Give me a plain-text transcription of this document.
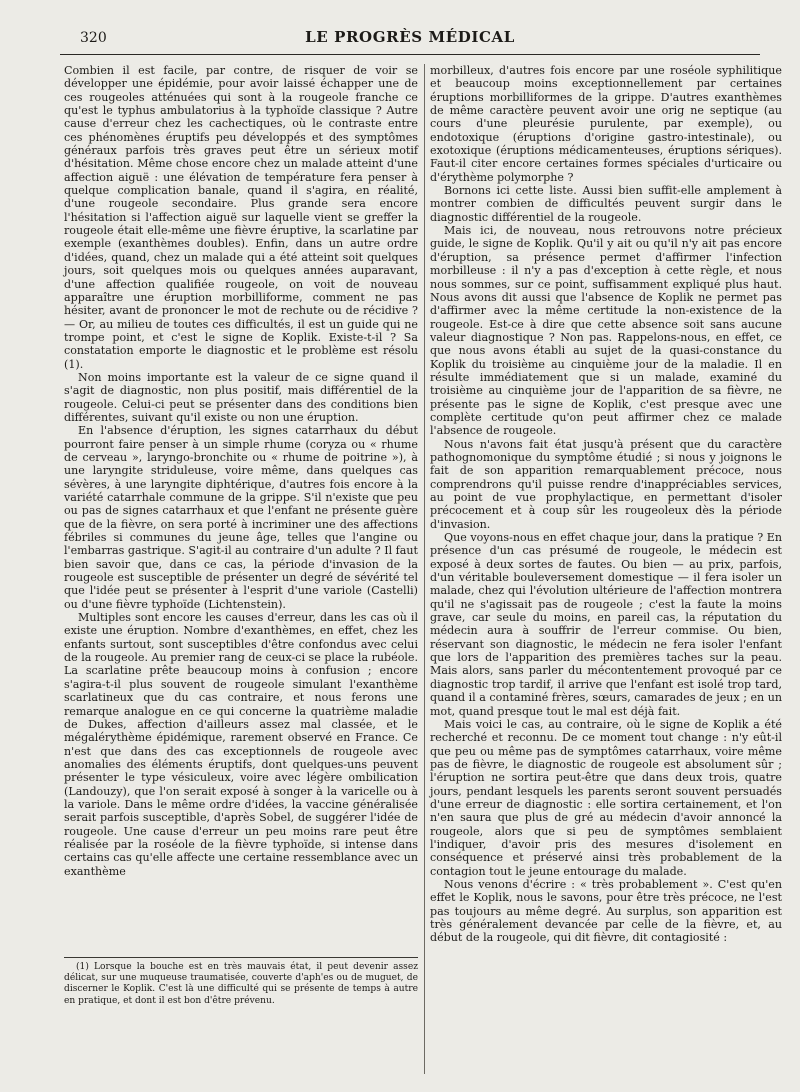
320	LE PROGRÈS MÉDICAL

Combien il est facile, par contre, de risquer de voir se développer une épidémie, pour avoir laissé échapper une de ces rougeoles atténuées qui sont à la rougeole franche ce qu'est le typhus ambulatorius à la typhoïde classique ? Autre cause d'erreur chez les cachectiques, où le contraste entre ces phénomènes éruptifs peu développés et des symptômes généraux parfois très graves peut être un sérieux motif d'hésitation. Même chose encore chez un malade atteint d'une affection aiguë : une élévation de température fera penser à quelque complication banale, quand il s'agira, en réalité, d'une rougeole secondaire. Plus grande sera encore l'hésitation si l'affection aiguë sur laquelle vient se greffer la rougeole était elle-même une fièvre éruptive, la scarlatine par exemple (exanthèmes doubles). Enfin, dans un autre ordre d'idées, quand, chez un malade qui a été atteint soit quelques jours, soit quelques mois ou quelques années auparavant, d'une affection qualifiée rougeole, on voit de nouveau apparaître une éruption morbilliforme, comment ne pas hésiter, avant de prononcer le mot de rechute ou de récidive ? — Or, au milieu de toutes ces difficultés, il est un guide qui ne trompe point, et c'est le signe de Koplik. Existe-t-il ? Sa constatation emporte le diagnostic et le problème est résolu (1).

Non moins importante est la valeur de ce signe quand il s'agit de diagnostic, non plus positif, mais différentiel de la rougeole. Celui-ci peut se présenter dans des conditions bien différentes, suivant qu'il existe ou non une éruption.

En l'absence d'éruption, les signes catarrhaux du début pourront faire penser à un simple rhume (coryza ou « rhume de cerveau », laryngo-bronchite ou « rhume de poitrine »), à une laryngite striduleuse, voire même, dans quelques cas sévères, à une laryngite diphtérique, d'autres fois encore à la variété catarrhale commune de la grippe. S'il n'existe que peu ou pas de signes catarrhaux et que l'enfant ne présente guère que de la fièvre, on sera porté à incriminer une des affections fébriles si communes du jeune âge, telles que l'angine ou l'embarras gastrique. S'agit-il au contraire d'un adulte ? Il faut bien savoir que, dans ce cas, la période d'invasion de la rougeole est susceptible de présenter un degré de sévérité tel que l'idée peut se présenter à l'esprit d'une variole (Castelli) ou d'une fièvre typhoïde (Lichtenstein).

Multiples sont encore les causes d'erreur, dans les cas où il existe une éruption. Nombre d'exanthèmes, en effet, chez les enfants surtout, sont susceptibles d'être confondus avec celui de la rougeole. Au premier rang de ceux-ci se place la rubéole. La scarlatine prête beaucoup moins à confusion ; encore s'agira-t-il plus souvent de rougeole simulant l'exanthème scarlatineux que du cas contraire, et nous ferons une remarque analogue en ce qui concerne la quatrième maladie de Dukes, affection d'ailleurs assez mal classée, et le mégalérythème épidémique, rarement observé en France. Ce n'est que dans des cas exceptionnels de rougeole avec anomalies des éléments éruptifs, dont quelques-uns peuvent présenter le type vésiculeux, voire avec légère ombilication (Landouzy), que l'on serait exposé à songer à la varicelle ou à la variole. Dans le même ordre d'idées, la vaccine généralisée serait parfois susceptible, d'après Sobel, de suggérer l'idée de rougeole. Une cause d'erreur un peu moins rare peut être réalisée par la roséole de la fièvre typhoïde, si intense dans certains cas qu'elle affecte une certaine ressemblance avec un exanthème

morbilleux, d'autres fois encore par une roséole syphilitique et beaucoup moins exceptionnellement par certaines éruptions morbilliformes de la grippe. D'autres exanthèmes de même caractère peuvent avoir une orig ne septique (au cours d'une pleurésie purulente, par exemple), ou endotoxique (éruptions d'origine gastro-intestinale), ou exotoxique (éruptions médicamenteuses, éruptions sériques). Faut-il citer encore certaines formes spéciales d'urticaire ou d'érythème polymorphe ?

Bornons ici cette liste. Aussi bien suffit-elle amplement à montrer combien de difficultés peuvent surgir dans le diagnostic différentiel de la rougeole.

Mais ici, de nouveau, nous retrouvons notre précieux guide, le signe de Koplik. Qu'il y ait ou qu'il n'y ait pas encore d'éruption, sa présence permet d'affirmer l'infection morbilleuse : il n'y a pas d'exception à cette règle, et nous nous sommes, sur ce point, suffisamment expliqué plus haut. Nous avons dit aussi que l'absence de Koplik ne permet pas d'affirmer avec la même certitude la non-existence de la rougeole. Est-ce à dire que cette absence soit sans aucune valeur diagnostique ? Non pas. Rappelons-nous, en effet, ce que nous avons établi au sujet de la quasi-constance du Koplik du troisième au cinquième jour de la maladie. Il en résulte immédiatement que si un malade, examiné du troisième au cinquième jour de l'apparition de sa fièvre, ne présente pas le signe de Koplik, c'est presque avec une complète certitude qu'on peut affirmer chez ce malade l'absence de rougeole.

Nous n'avons fait état jusqu'à présent que du caractère pathognomonique du symptôme étudié ; si nous y joignons le fait de son apparition remarquablement précoce, nous comprendrons qu'il puisse rendre d'inappréciables services, au point de vue prophylactique, en permettant d'isoler précocement et à coup sûr les rougeoleux dès la période d'invasion.

Que voyons-nous en effet chaque jour, dans la pratique ? En présence d'un cas présumé de rougeole, le médecin est exposé à deux sortes de fautes. Ou bien — au prix, parfois, d'un véritable bouleversement domestique — il fera isoler un malade, chez qui l'évolution ultérieure de l'affection montrera qu'il ne s'agissait pas de rougeole ; c'est la faute la moins grave, car seule du moins, en pareil cas, la réputation du médecin aura à souffrir de l'erreur commise. Ou bien, réservant son diagnostic, le médecin ne fera isoler l'enfant que lors de l'apparition des premières taches sur la peau. Mais alors, sans parler du mécontentement provoqué par ce diagnostic trop tardif, il arrive que l'enfant est isolé trop tard, quand il a contaminé frères, sœurs, camarades de jeux ; en un mot, quand presque tout le mal est déjà fait.

Mais voici le cas, au contraire, où le signe de Koplik a été recherché et reconnu. De ce moment tout change : n'y eût-il que peu ou même pas de symptômes catarrhaux, voire même pas de fièvre, le diagnostic de rougeole est absolument sûr ; l'éruption ne sortira peut-être que dans deux trois, quatre jours, pendant lesquels les parents seront souvent persuadés d'une erreur de diagnostic : elle sortira certainement, et l'on n'en saura que plus de gré au médecin d'avoir annoncé la rougeole, alors que si peu de symptômes semblaient l'indiquer, d'avoir pris des mesures d'isolement en conséquence et préservé ainsi très probablement de la contagion tout le jeune entourage du malade.

Nous venons d'écrire : « très probablement ». C'est qu'en effet le Koplik, nous le savons, pour être très précoce, ne l'est pas toujours au même degré. Au surplus, son apparition est très généralement devancée par celle de la fièvre, et, au début de la rougeole, qui dit fièvre, dit contagiosité :

(1) Lorsque la bouche est en très mauvais état, il peut devenir assez délicat, sur une muqueuse traumatisée, couverte d'aph'es ou de muguet, de discerner le Koplik. C'est là une difficulté qui se présente de temps à autre en pratique, et dont il est bon d'être prévenu.
